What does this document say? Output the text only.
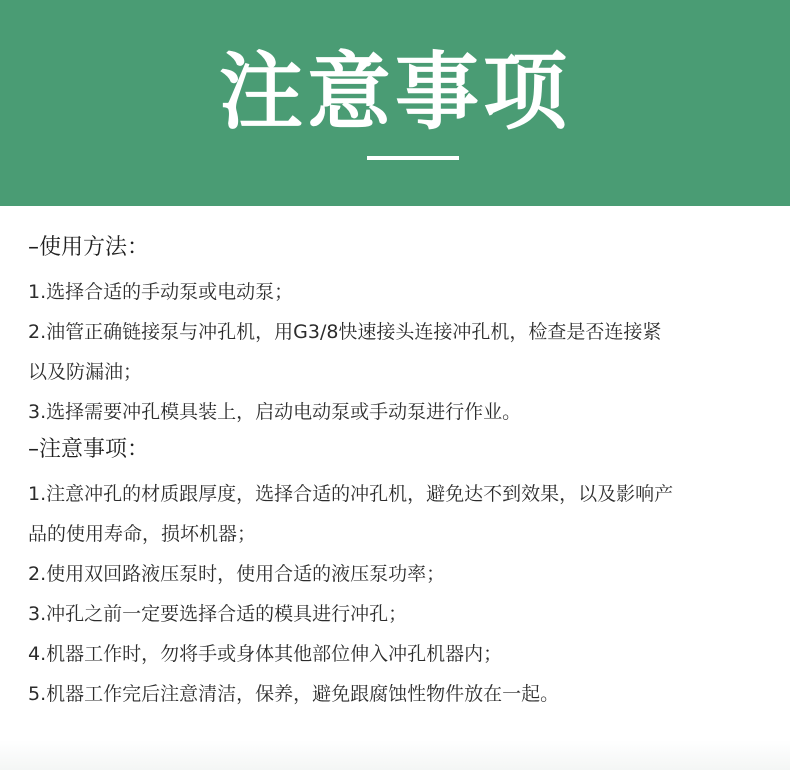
注意事项
–使用方法：
1.选择合适的手动泵或电动泵；
2.油管正确链接泵与冲孔机，用G3/8快速接头连接冲孔机，检查是否连接紧
以及防漏油；
3.选择需要冲孔模具装上，启动电动泵或手动泵进行作业。
–注意事项：
1.注意冲孔的材质跟厚度，选择合适的冲孔机，避免达不到效果，以及影响产
品的使用寿命，损坏机器；
2.使用双回路液压泵时，使用合适的液压泵功率；
3.冲孔之前一定要选择合适的模具进行冲孔；
4.机器工作时，勿将手或身体其他部位伸入冲孔机器内；
5.机器工作完后注意清洁，保养，避免跟腐蚀性物件放在一起。
